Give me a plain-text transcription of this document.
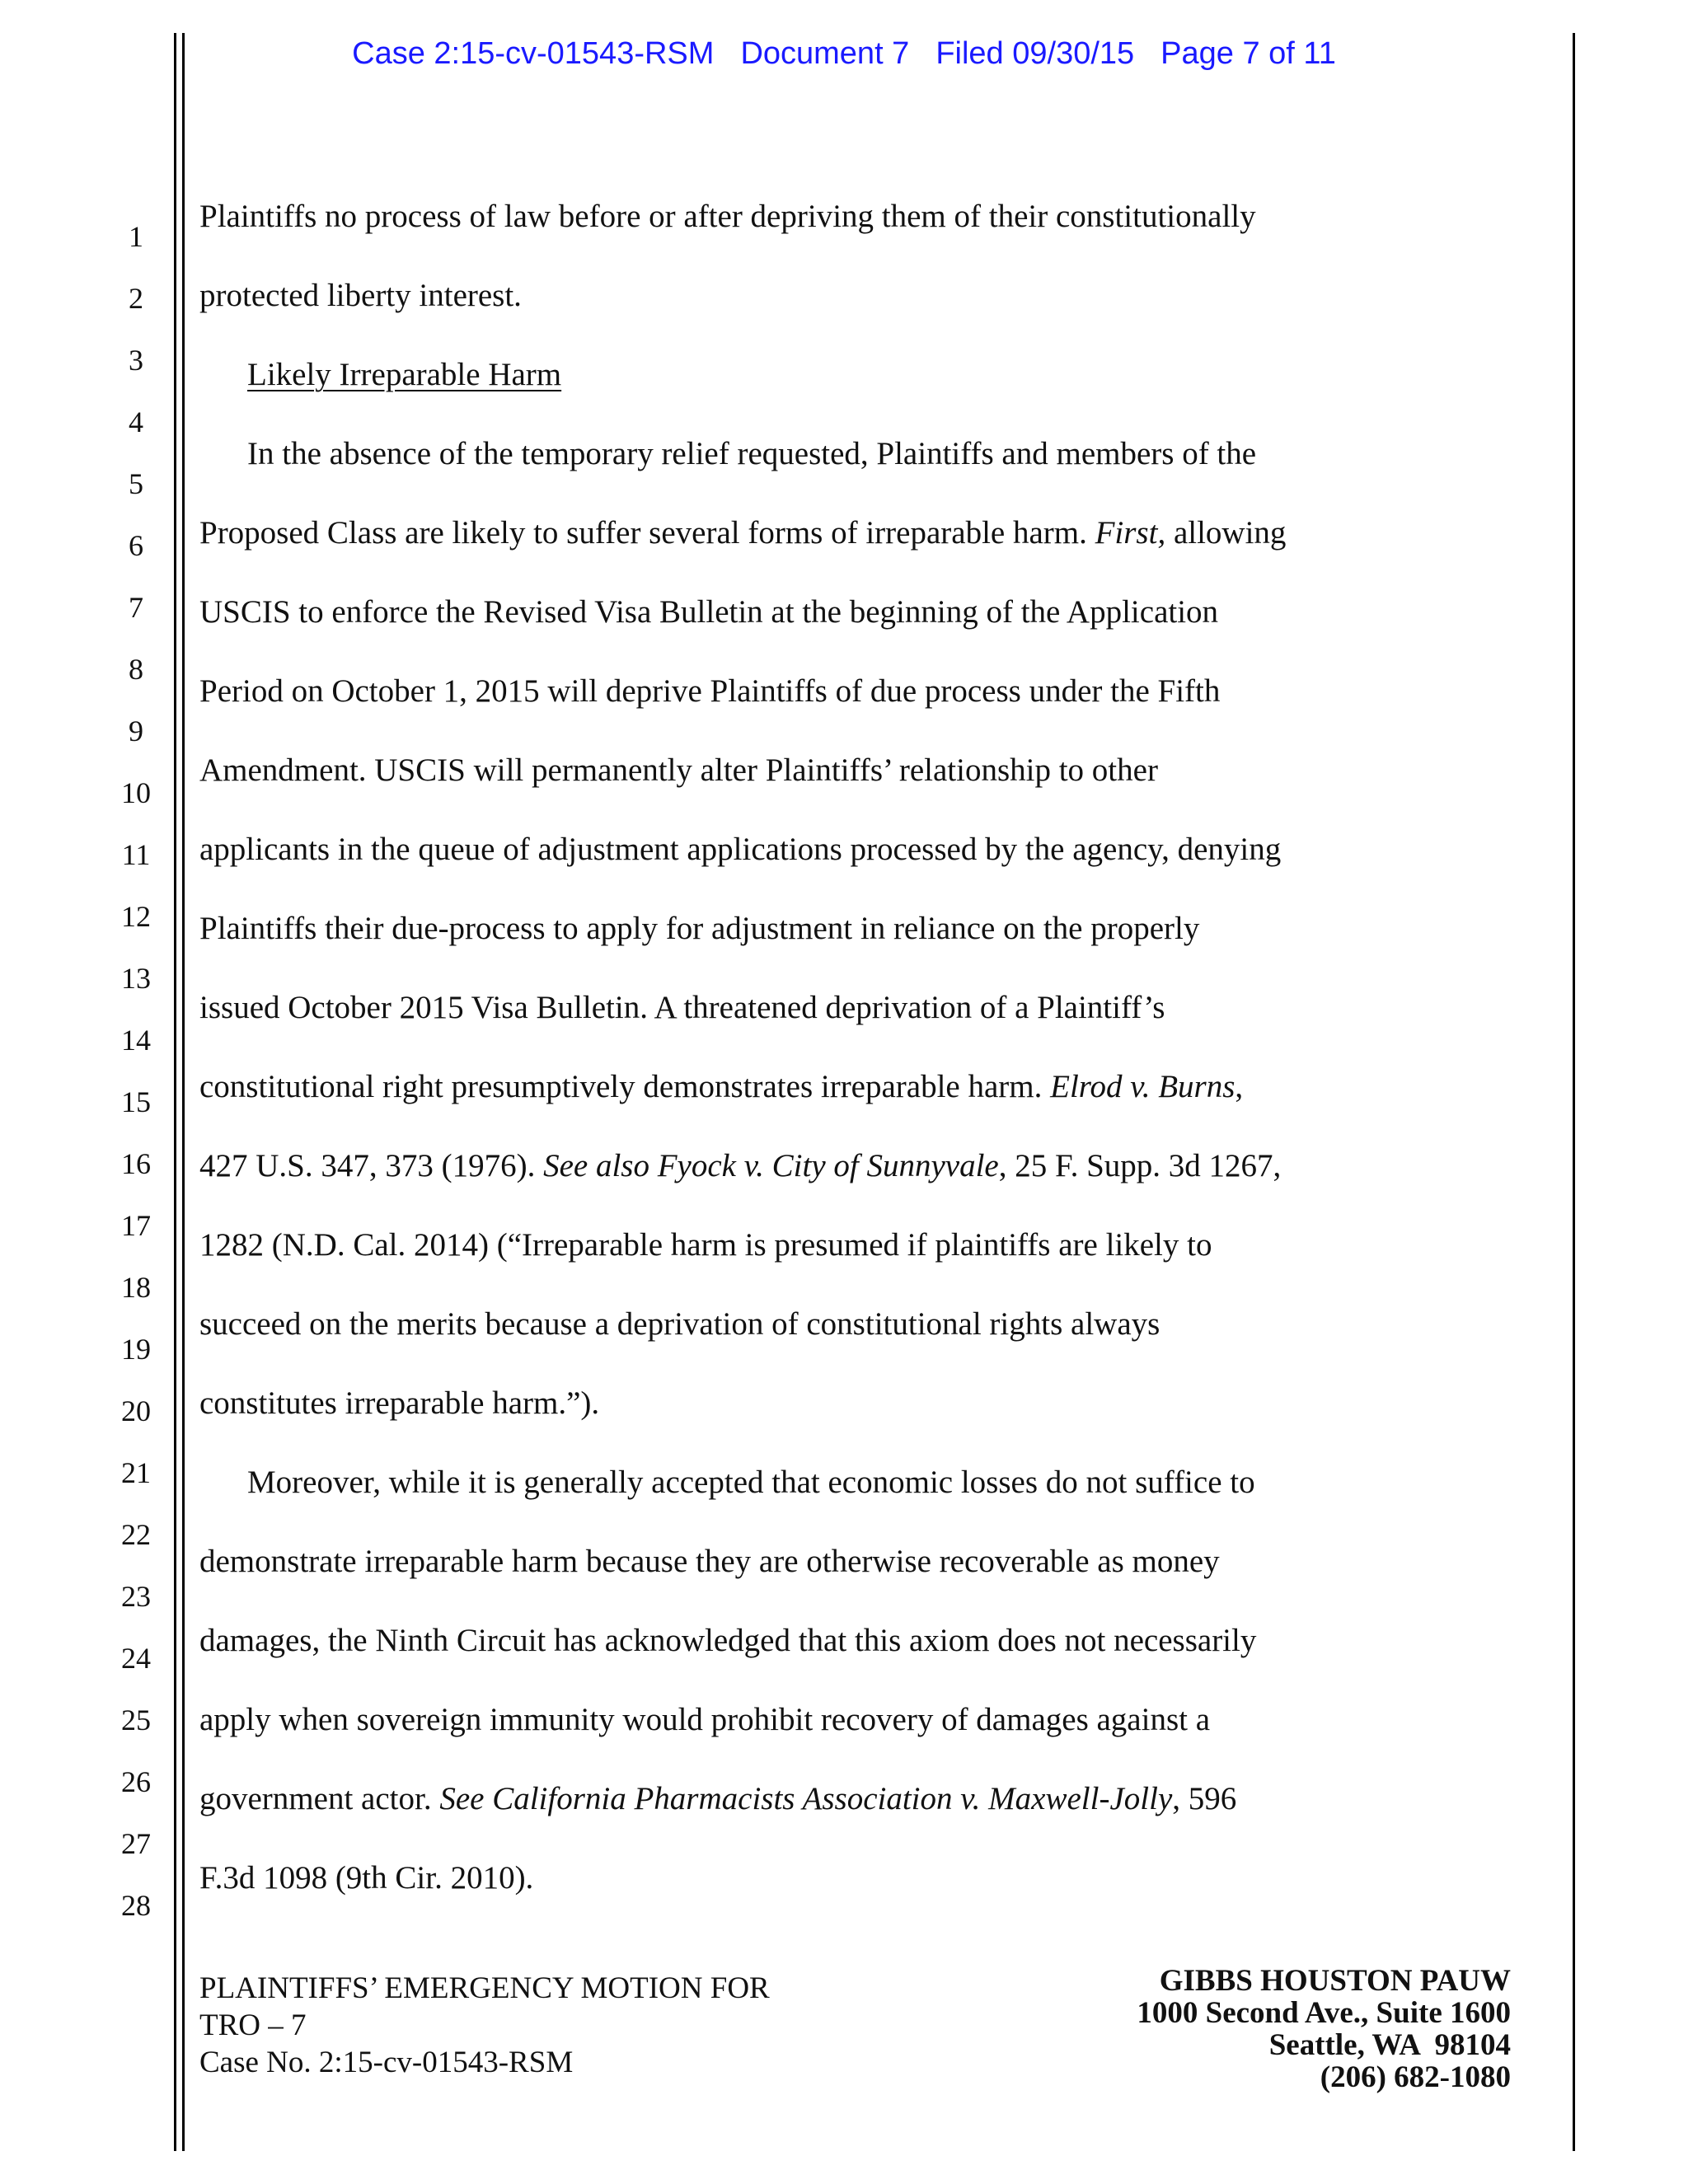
Case 2:15-cv-01543-RSM Document 7 Filed 09/30/15 Page 7 of 11
1
2
3
4
5
6
7
8
9
10
11
12
13
14
15
16
17
18
19
20
21
22
23
24
25
26
27
28
Plaintiffs no process of law before or after depriving them of their constitutionally
protected liberty interest.
Likely Irreparable Harm
In the absence of the temporary relief requested, Plaintiffs and members of the
Proposed Class are likely to suffer several forms of irreparable harm. First, allowing
USCIS to enforce the Revised Visa Bulletin at the beginning of the Application
Period on October 1, 2015 will deprive Plaintiffs of due process under the Fifth
Amendment. USCIS will permanently alter Plaintiffs’ relationship to other
applicants in the queue of adjustment applications processed by the agency, denying
Plaintiffs their due-process to apply for adjustment in reliance on the properly
issued October 2015 Visa Bulletin. A threatened deprivation of a Plaintiff’s
constitutional right presumptively demonstrates irreparable harm. Elrod v. Burns,
427 U.S. 347, 373 (1976). See also Fyock v. City of Sunnyvale, 25 F. Supp. 3d 1267,
1282 (N.D. Cal. 2014) (“Irreparable harm is presumed if plaintiffs are likely to
succeed on the merits because a deprivation of constitutional rights always
constitutes irreparable harm.”).
Moreover, while it is generally accepted that economic losses do not suffice to
demonstrate irreparable harm because they are otherwise recoverable as money
damages, the Ninth Circuit has acknowledged that this axiom does not necessarily
apply when sovereign immunity would prohibit recovery of damages against a
government actor. See California Pharmacists Association v. Maxwell-Jolly, 596
F.3d 1098 (9th Cir. 2010).
PLAINTIFFS’ EMERGENCY MOTION FOR
TRO – 7
Case No. 2:15-cv-01543-RSM
GIBBS HOUSTON PAUW
1000 Second Ave., Suite 1600
Seattle, WA  98104
(206) 682-1080
